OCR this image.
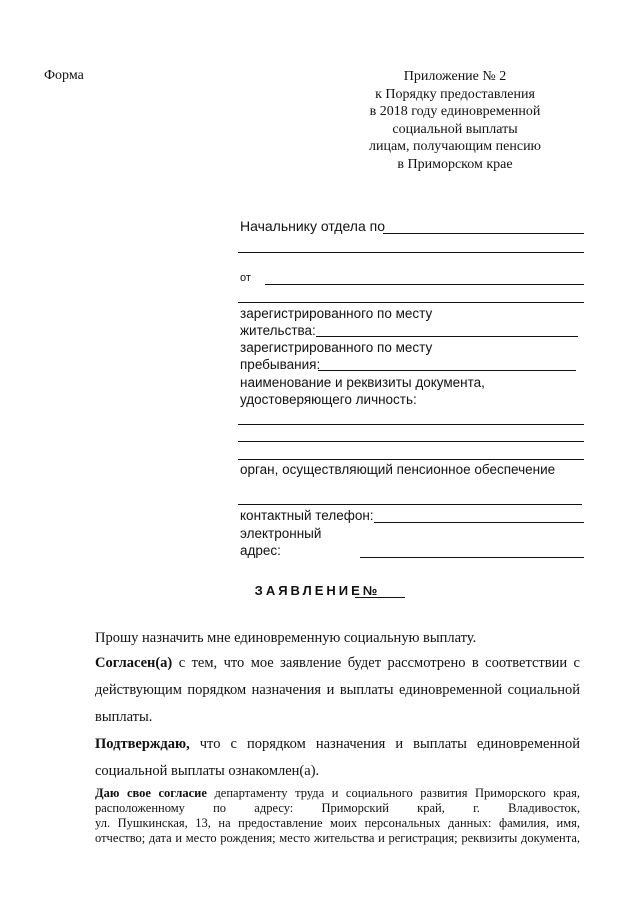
Форма	Приложение № 2
к Порядку предоставления
в 2018 году единовременной
социальной выплаты
лицам, получающим пенсию
в Приморском крае
Начальнику отдела по
от
зарегистрированного по месту
жительства:
зарегистрированного по месту
пребывания:
наименование и реквизиты документа,
удостоверяющего личность:
орган, осуществляющий пенсионное обеспечение
контактный телефон:
электронный
адрес:
ЗАЯВЛЕНИЕ№
Прошу назначить мне единовременную социальную выплату.
Согласен(а) с тем, что мое заявление будет рассмотрено в соответствии с
действующим порядком назначения и выплаты единовременной социальной
выплаты.
Подтверждаю, что с порядком назначения и выплаты единовременной
социальной выплаты ознакомлен(а).
Даю свое согласие департаменту труда и социального развития Приморского края,
расположенному по адресу: Приморский край, г. Владивосток,
ул. Пушкинская, 13, на предоставление моих персональных данных: фамилия, имя,
отчество; дата и место рождения; место жительства и регистрация; реквизиты документа,
